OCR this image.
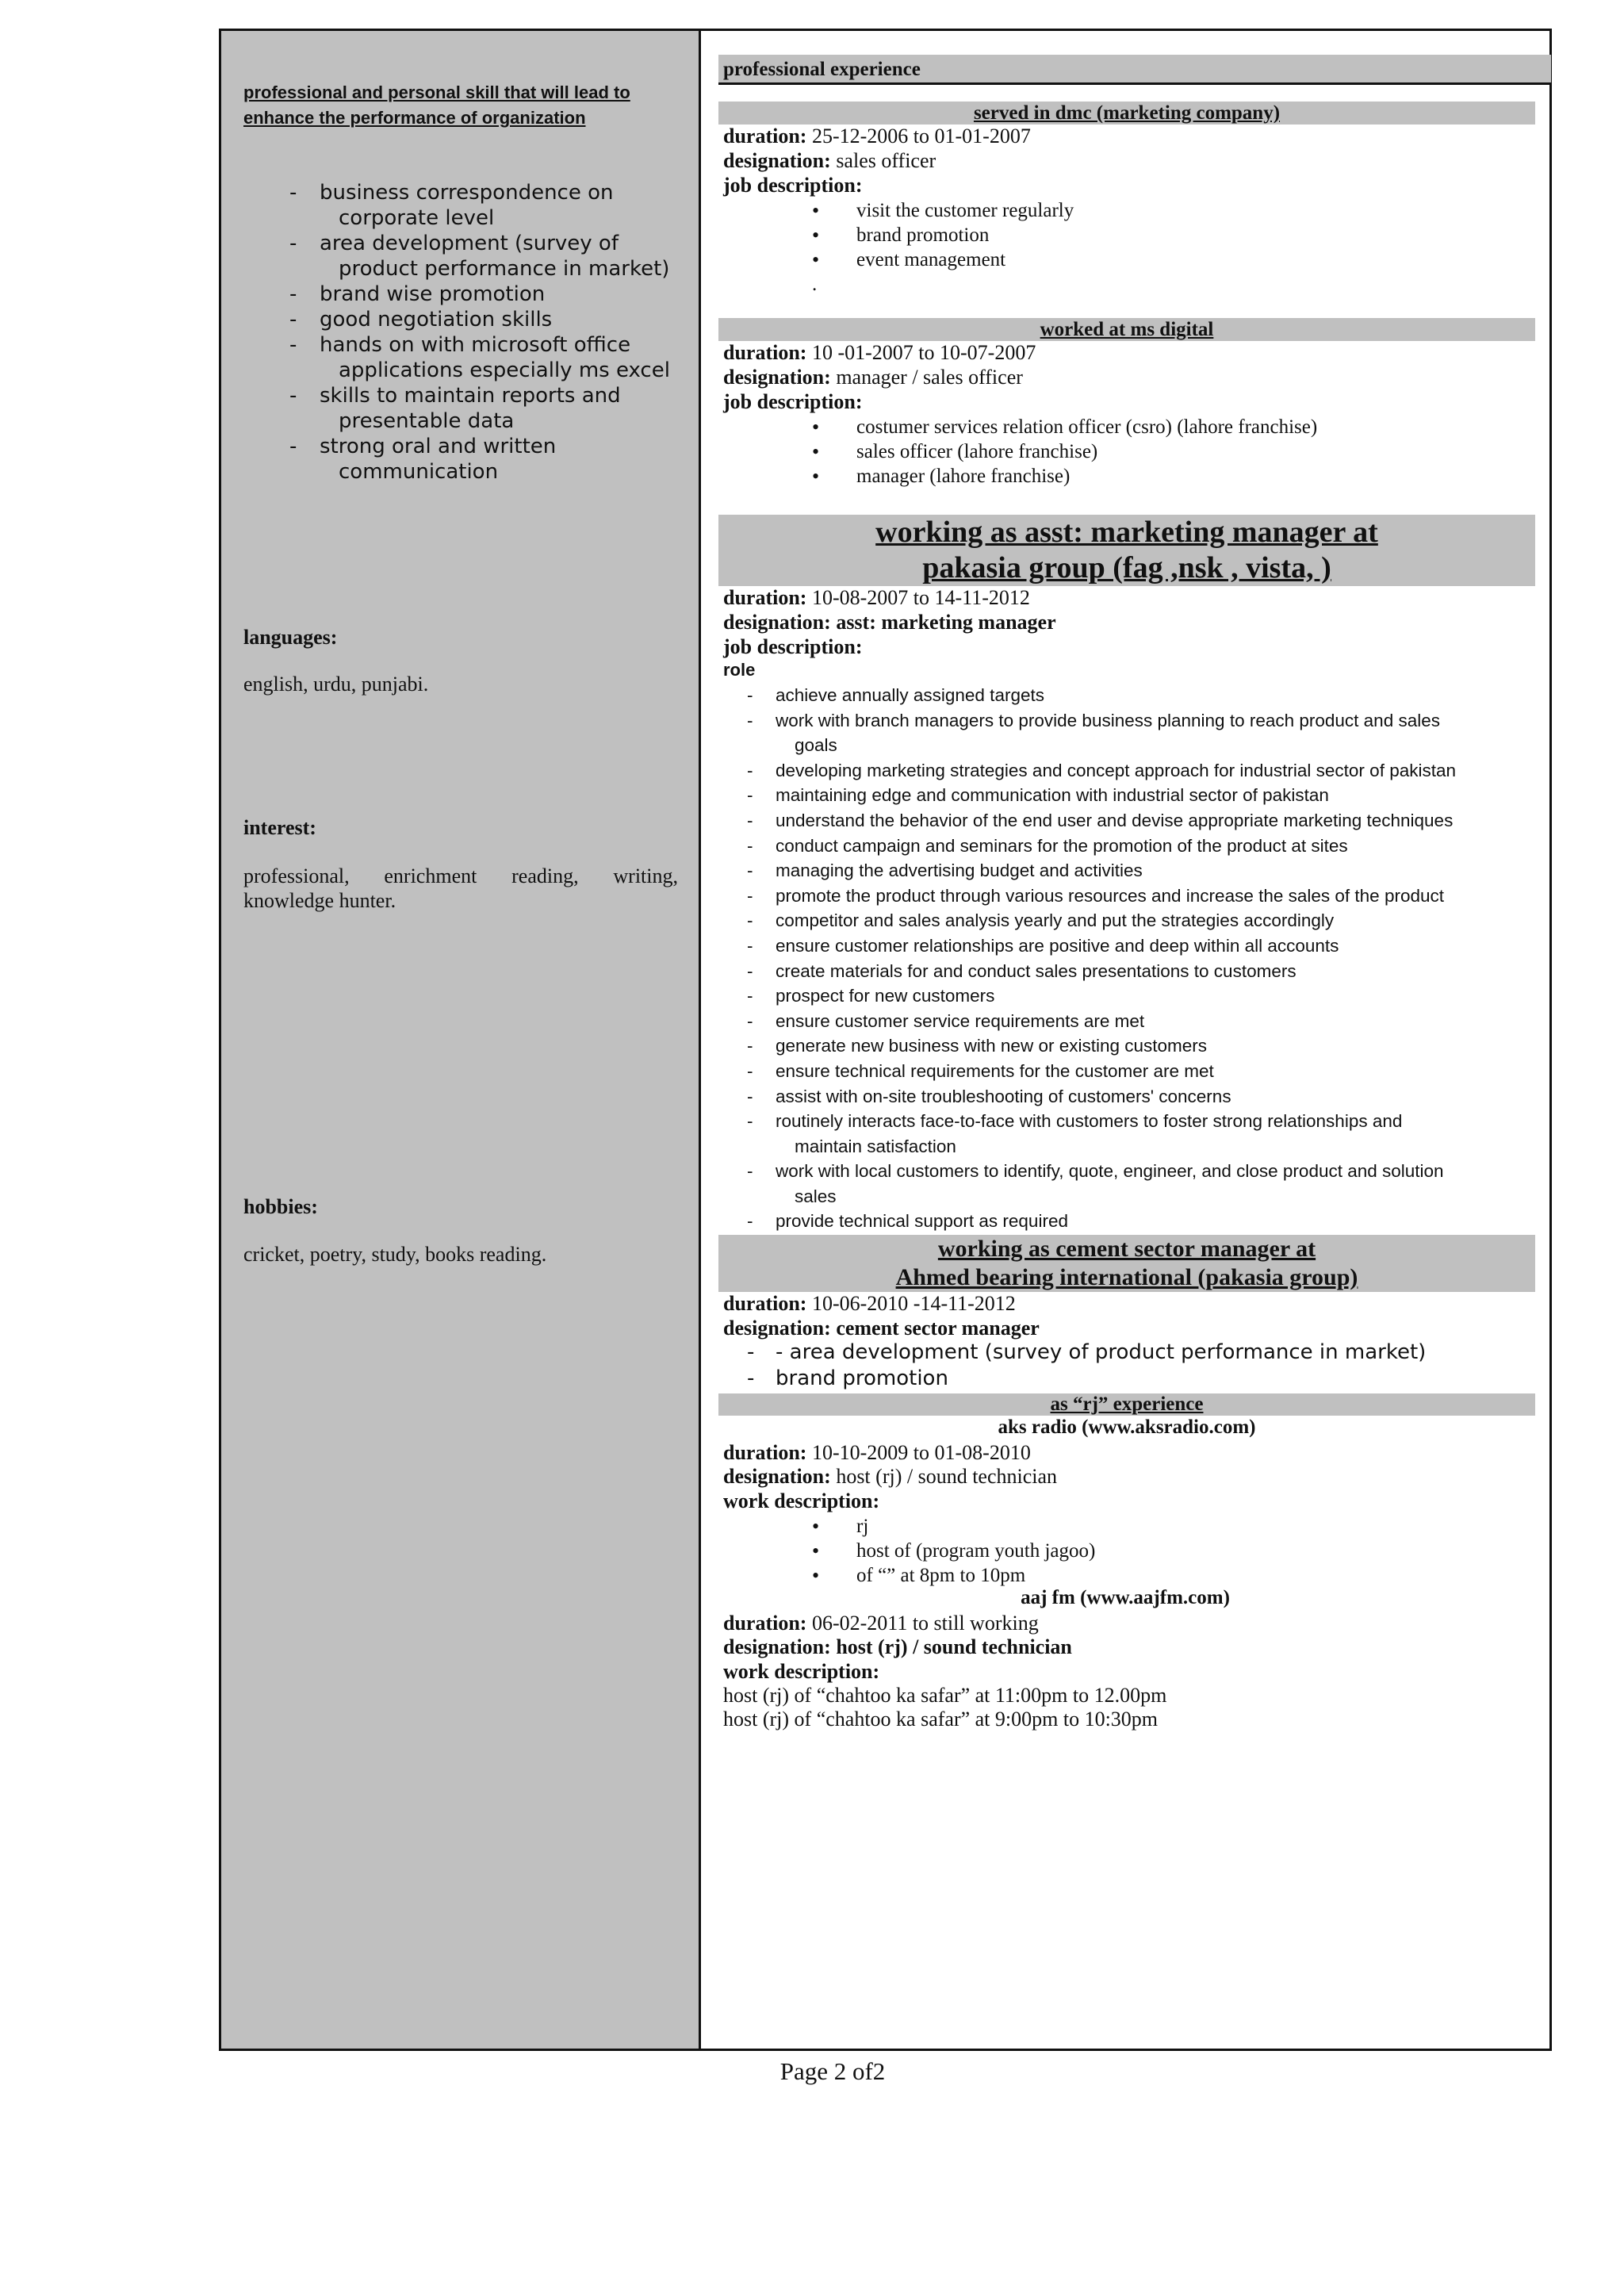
professional and personal skill that will lead to enhance the performance of organization
- business correspondence on
corporate level
- area development (survey of
product performance in market)
- brand wise promotion
- good negotiation skills
- hands on with microsoft office
applications especially ms excel
- skills to maintain reports and
presentable data
- strong oral and written
communication
languages:
english, urdu, punjabi.
interest:
professional, enrichment reading, writing, knowledge hunter.
hobbies:
cricket, poetry, study, books reading.
professional experience
served in dmc (marketing company)
duration: 25-12-2006 to 01-01-2007
designation: sales officer
job description:
• visit the customer regularly
• brand promotion
• event management
.
worked at ms digital
duration: 10 -01-2007 to 10-07-2007
designation: manager / sales officer
job description:
• costumer services relation officer (csro) (lahore franchise)
• sales officer (lahore franchise)
• manager (lahore franchise)
working as asst: marketing manager at
pakasia group (fag ,nsk , vista, )
duration: 10-08-2007 to 14-11-2012
designation: asst: marketing manager
job description:
role
- achieve annually assigned targets
- work with branch managers to provide business planning to reach product and sales
goals
- developing marketing strategies and concept approach for industrial sector of pakistan
- maintaining edge and communication with industrial sector of pakistan
- understand the behavior of the end user and devise appropriate marketing techniques
- conduct campaign and seminars for the promotion of the product at sites
- managing the advertising budget and activities
- promote the product through various resources and increase the sales of the product
- competitor and sales analysis yearly and put the strategies accordingly
- ensure customer relationships are positive and deep within all accounts
- create materials for and conduct sales presentations to customers
- prospect for new customers
- ensure customer service requirements are met
- generate new business with new or existing customers
- ensure technical requirements for the customer are met
- assist with on-site troubleshooting of customers' concerns
- routinely interacts face-to-face with customers to foster strong relationships and
maintain satisfaction
- work with local customers to identify, quote, engineer, and close product and solution
sales
- provide technical support as required
working as cement sector manager at
Ahmed bearing international (pakasia group)
duration: 10-06-2010 -14-11-2012
designation: cement sector manager
- - area development (survey of product performance in market)
- brand promotion
as “rj” experience
aks radio (www.aksradio.com)
duration: 10-10-2009 to 01-08-2010
designation: host (rj) / sound technician
work description:
• rj
• host of (program youth jagoo)
• of “” at 8pm to 10pm
aaj fm (www.aajfm.com)
duration: 06-02-2011 to still working
designation: host (rj) / sound technician
work description:
host (rj) of “chahtoo ka safar” at 11:00pm to 12.00pm
host (rj) of “chahtoo ka safar” at 9:00pm to 10:30pm
Page 2 of2
